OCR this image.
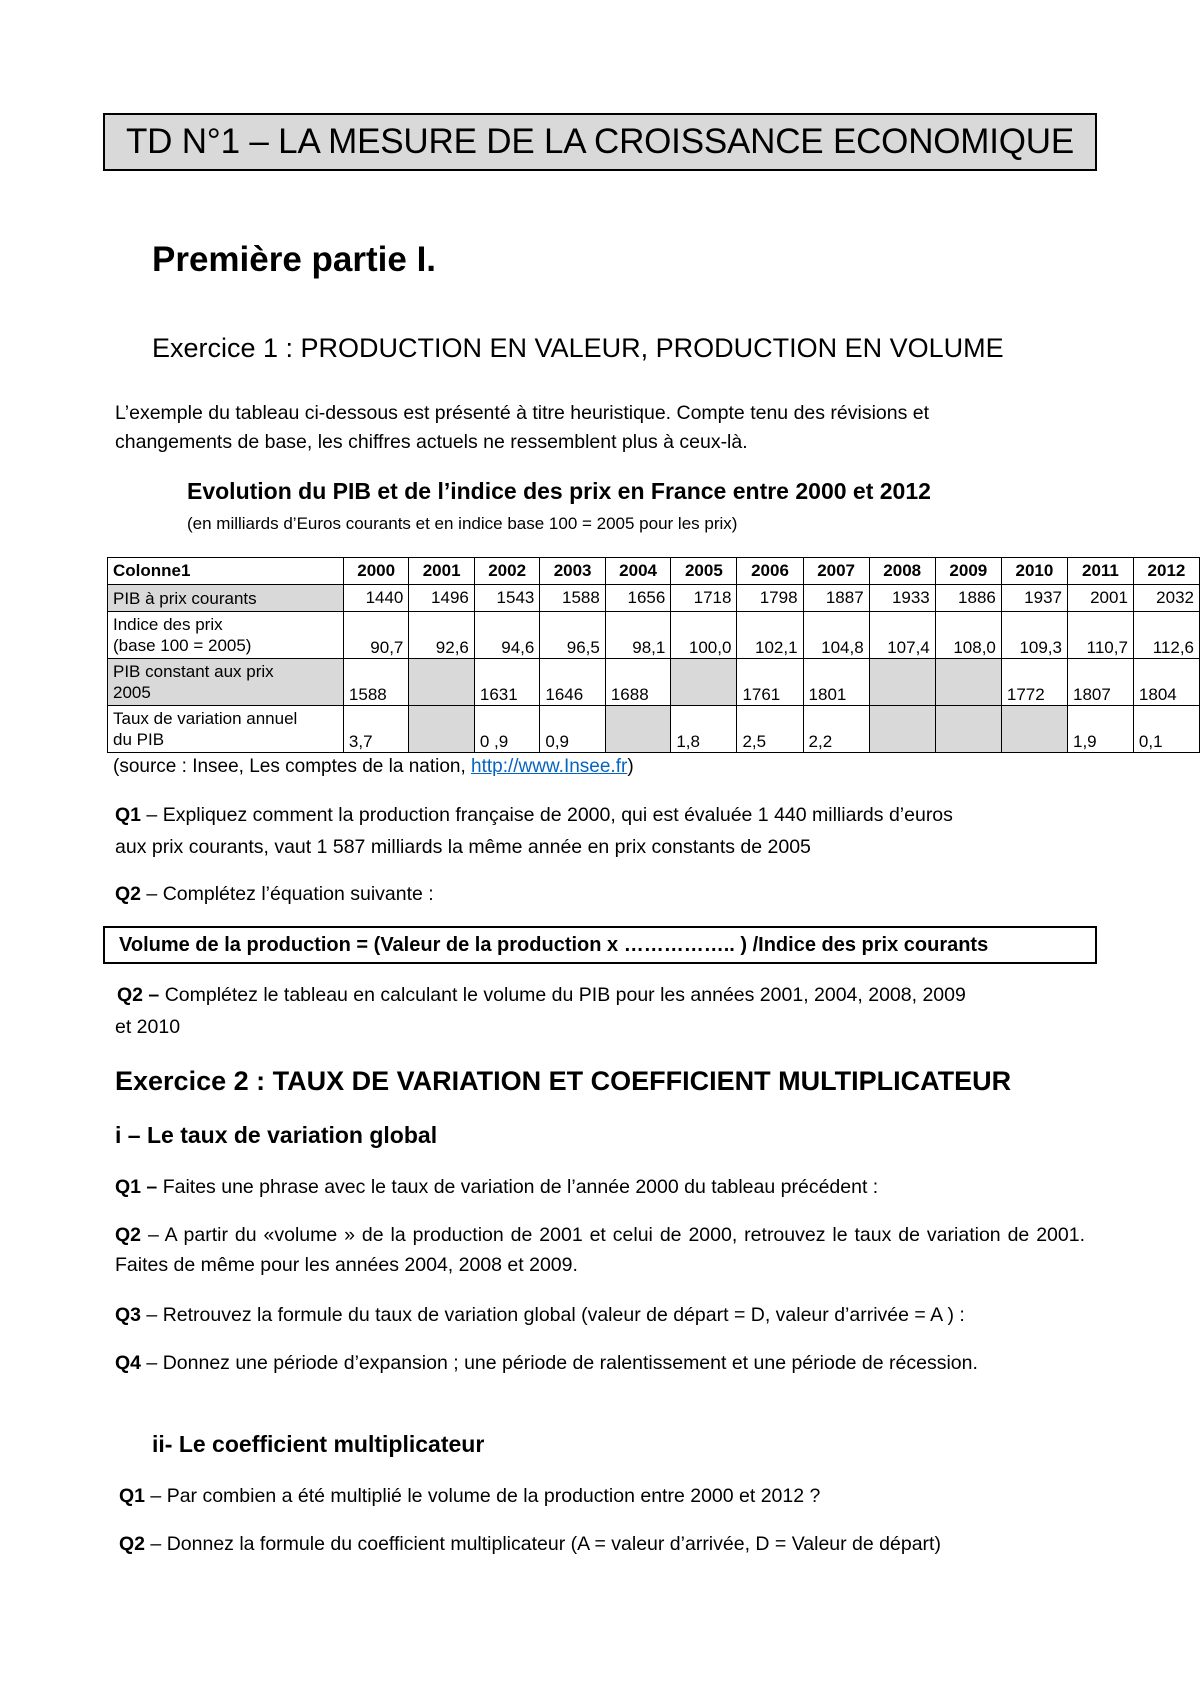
TD N°1 – LA MESURE DE LA CROISSANCE ECONOMIQUE
Première partie I.
Exercice 1 : PRODUCTION EN VALEUR, PRODUCTION EN VOLUME
L’exemple du tableau ci-dessous est présenté à titre heuristique. Compte tenu des révisions et
changements de base, les chiffres actuels ne ressemblent plus à ceux-là.
Evolution du PIB et de l’indice des prix en France entre 2000 et 2012
(en milliards d’Euros courants et en indice base 100 = 2005 pour les prix)
Colonne1	2000	2001	2002	2003	2004	2005	2006	2007	2008	2009	2010	2011	2012
PIB à prix courants	1440	1496	1543	1588	1656	1718	1798	1887	1933	1886	1937	2001	2032
Indice des prix
(base 100 = 2005)	90,7	92,6	94,6	96,5	98,1	100,0	102,1	104,8	107,4	108,0	109,3	110,7	112,6
PIB constant aux prix
2005	1588		1631	1646	1688		1761	1801			1772	1807	1804
Taux de variation annuel
du PIB	3,7		0 ,9	0,9		1,8	2,5	2,2				1,9	0,1
(source : Insee, Les comptes de la nation, http://www.Insee.fr)
Q1 – Expliquez comment la production française de 2000, qui est évaluée 1 440 milliards d’euros
aux prix courants, vaut 1 587 milliards la même année en prix constants de 2005
Q2 – Complétez l’équation suivante :
Volume de la production = (Valeur de la production x …………….. ) /Indice des prix courants
Q2 – Complétez le tableau en calculant le volume du PIB pour les années 2001, 2004, 2008, 2009
et 2010
Exercice 2 : TAUX DE VARIATION ET COEFFICIENT MULTIPLICATEUR
i – Le taux de variation global
Q1 – Faites une phrase avec le taux de variation de l’année 2000 du tableau précédent :
Q2 – A partir du «volume » de la production de 2001 et celui de 2000, retrouvez le taux de variation de 2001. Faites de même pour les années 2004, 2008 et 2009.
Q3 – Retrouvez la formule du taux de variation global (valeur de départ = D, valeur d’arrivée = A ) :
Q4 – Donnez une période d’expansion ; une période de ralentissement et une période de récession.
ii- Le coefficient multiplicateur
Q1 – Par combien a été multiplié le volume de la production entre 2000 et 2012 ?
Q2 – Donnez la formule du coefficient multiplicateur (A = valeur d’arrivée, D = Valeur de départ)
